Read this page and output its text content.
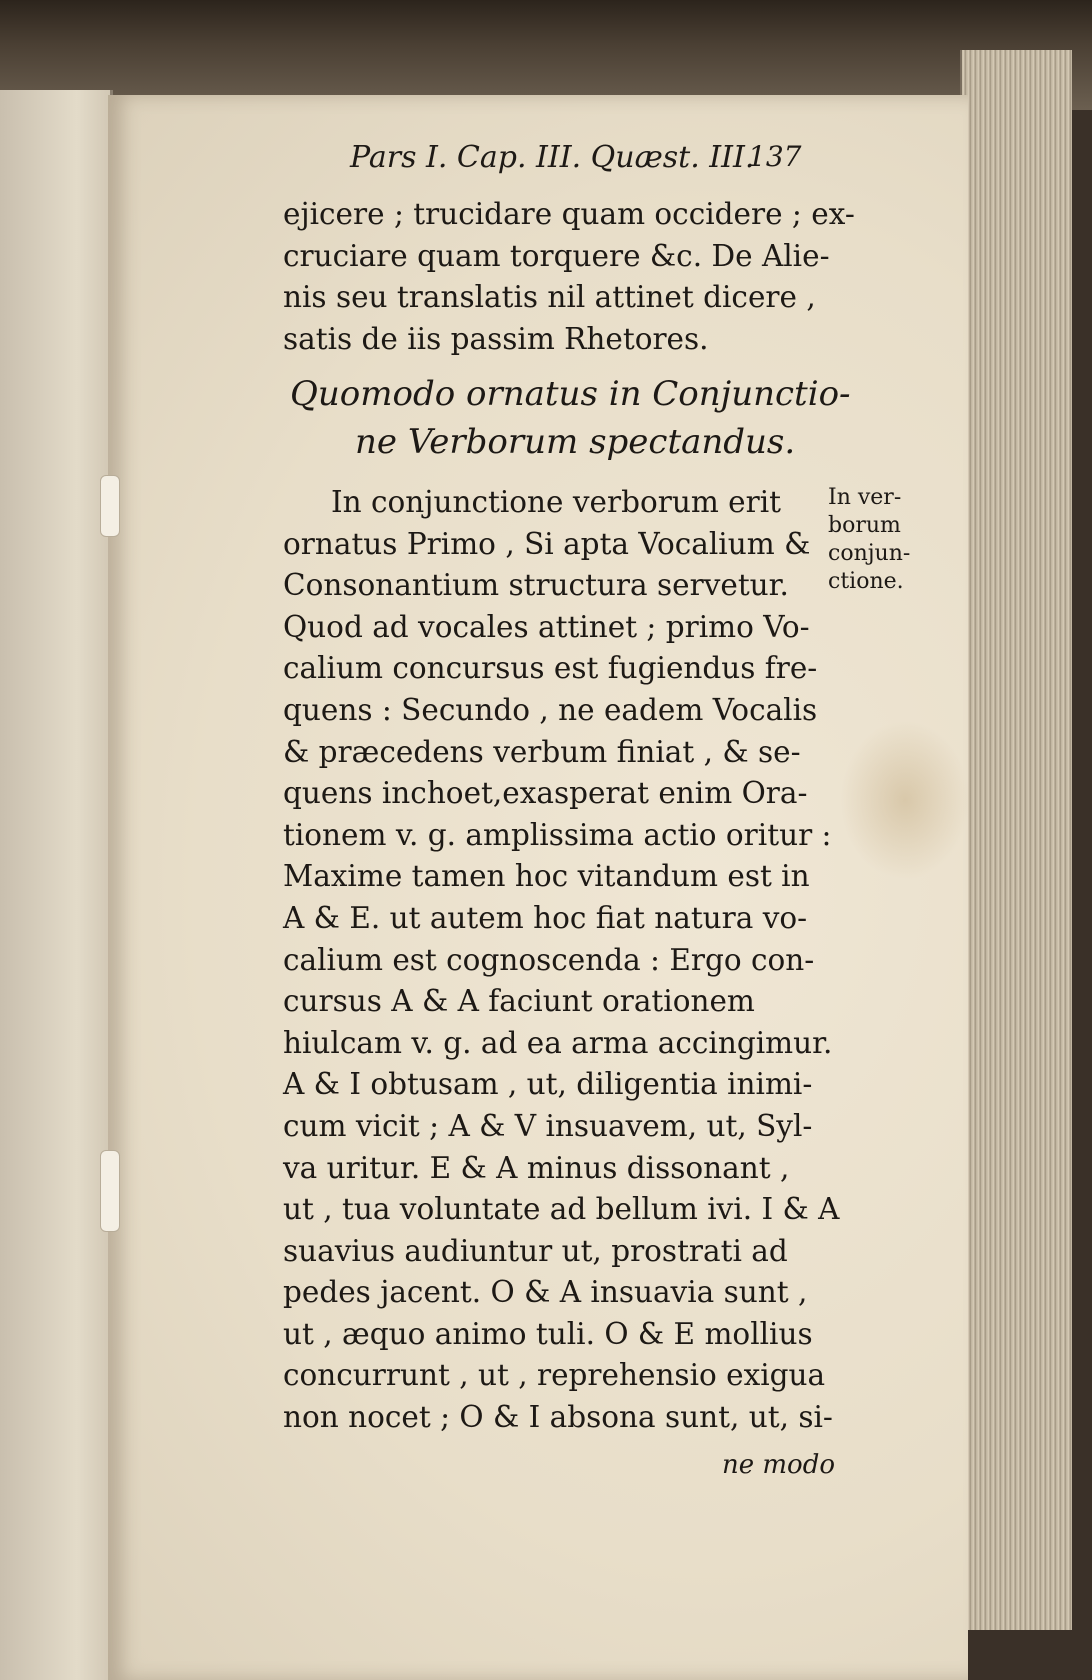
Pars I. Cap. III. Quæst. III.
137
ejicere ; trucidare quam occidere ; ex-
cruciare quam torquere &c. De Alie-
nis seu translatis nil attinet dicere ,
satis de iis passim Rhetores.
Quomodo ornatus in Conjunctio-
ne Verborum spectandus.
In conjunctione verborum erit
ornatus Primo , Si apta Vocalium &
Consonantium structura servetur.
Quod ad vocales attinet ; primo Vo-
calium concursus est fugiendus fre-
quens : Secundo , ne eadem Vocalis
& præcedens verbum finiat , & se-
quens inchoet,exasperat enim Ora-
tionem v. g. amplissima actio oritur :
Maxime tamen hoc vitandum est in
A & E. ut autem hoc fiat natura vo-
calium est cognoscenda : Ergo con-
cursus A & A faciunt orationem
hiulcam v. g. ad ea arma accingimur.
A & I obtusam , ut, diligentia inimi-
cum vicit ; A & V insuavem, ut, Syl-
va uritur. E & A minus dissonant ,
ut , tua voluntate ad bellum ivi. I & A
suavius audiuntur ut, prostrati ad
pedes jacent. O & A insuavia sunt ,
ut , æquo animo tuli. O & E mollius
concurrunt , ut , reprehensio exigua
non nocet ; O & I absona sunt, ut, si-
ne modo
In ver-
borum
conjun-
ctione.
